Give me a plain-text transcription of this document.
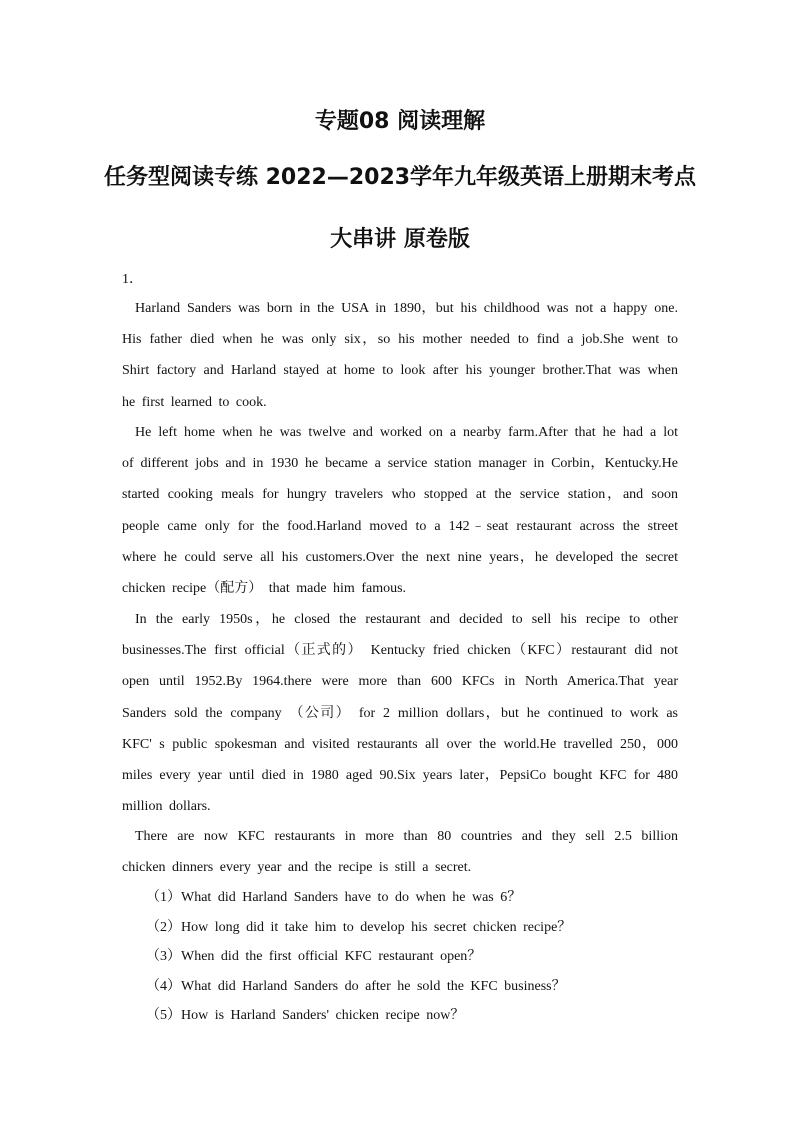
专题08 阅读理解
任务型阅读专练 2022—2023学年九年级英语上册期末考点
大串讲 原卷版
1．

Harland Sanders was born in the USA in 1890，but his childhood was not a happy one. His father died when he was only six，so his mother needed to find a job.She went to Shirt factory and Harland stayed at home to look after his younger brother.That was when he first learned to cook.

He left home when he was twelve and worked on a nearby farm.After that he had a lot of different jobs and in 1930 he became a service station manager in Corbin，Kentucky.He started cooking meals for hungry travelers who stopped at the service station，and soon people came only for the food.Harland moved to a 142﹣seat restaurant across the street where he could serve all his customers.Over the next nine years，he developed the secret chicken recipe（配方） that made him famous.

In the early 1950s，he closed the restaurant and decided to sell his recipe to other businesses.The first official（正式的） Kentucky fried chicken（KFC）restaurant did not open until 1952.By 1964.there were more than 600 KFCs in North America.That year Sanders sold the company （公司） for 2 million dollars，but he continued to work as KFC' s public spokesman and visited restaurants all over the world.He travelled 250，000 miles every year until died in 1980 aged 90.Six years later，PepsiCo bought KFC for 480 million dollars.

There are now KFC restaurants in more than 80 countries and they sell 2.5 billion chicken dinners every year and the recipe is still a secret.

（1）What did Harland Sanders have to do when he was 6？
（2）How long did it take him to develop his secret chicken recipe？
（3）When did the first official KFC restaurant open？
（4）What did Harland Sanders do after he sold the KFC business？
（5）How is Harland Sanders' chicken recipe now？
